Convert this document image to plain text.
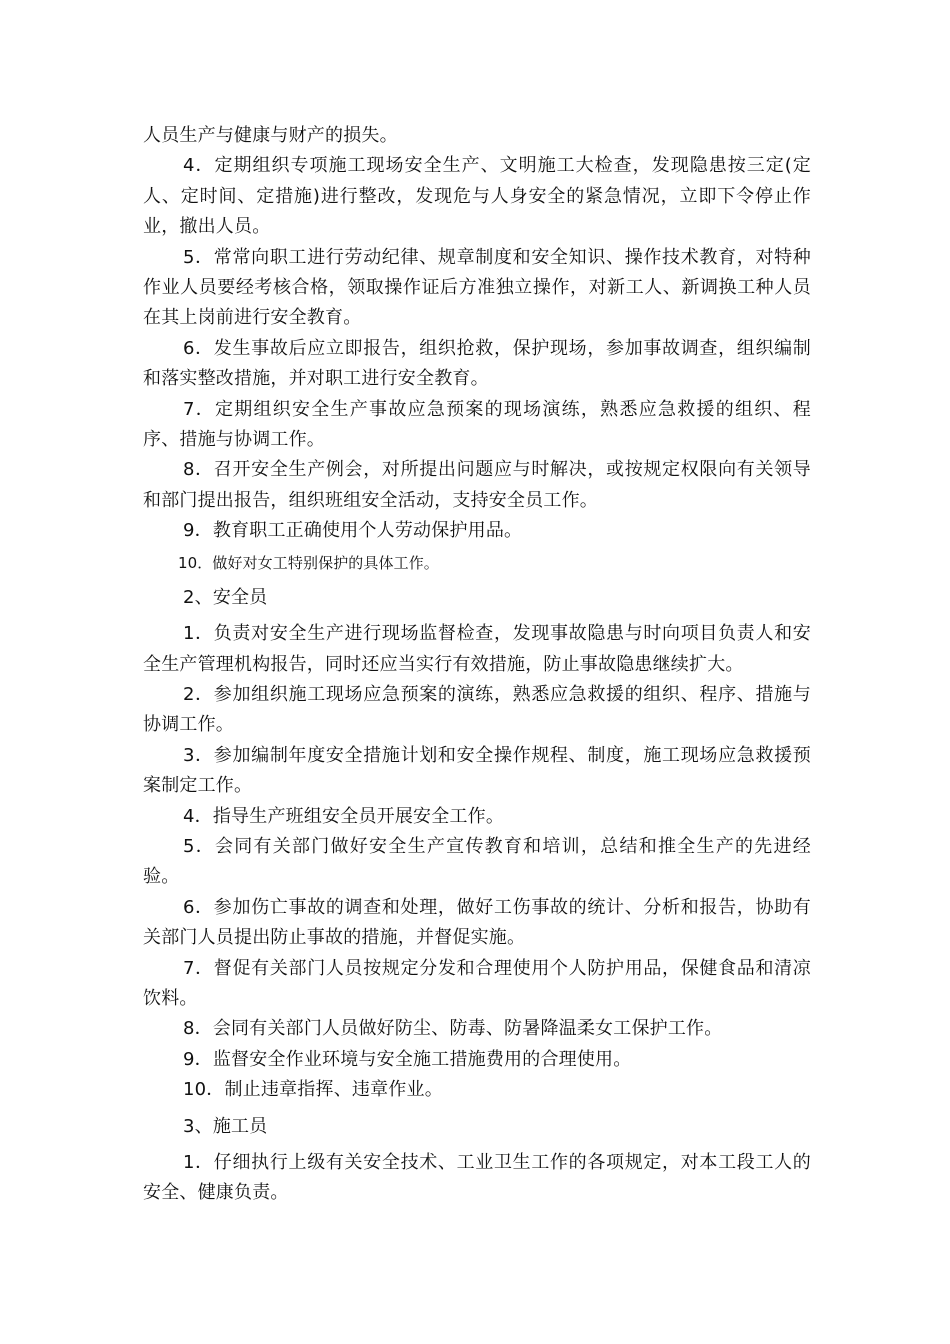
人员生产与健康与财产的损失。

4．定期组织专项施工现场安全生产、文明施工大检查，发现隐患按三定(定人、定时间、定措施)进行整改，发现危与人身安全的紧急情况，立即下令停止作业，撤出人员。

5．常常向职工进行劳动纪律、规章制度和安全知识、操作技术教育，对特种作业人员要经考核合格，领取操作证后方准独立操作，对新工人、新调换工种人员在其上岗前进行安全教育。

6．发生事故后应立即报告，组织抢救，保护现场，参加事故调查，组织编制和落实整改措施，并对职工进行安全教育。

7．定期组织安全生产事故应急预案的现场演练，熟悉应急救援的组织、程序、措施与协调工作。

8．召开安全生产例会，对所提出问题应与时解决，或按规定权限向有关领导和部门提出报告，组织班组安全活动，支持安全员工作。

9．教育职工正确使用个人劳动保护用品。

10．做好对女工特别保护的具体工作。

2、安全员

1．负责对安全生产进行现场监督检查，发现事故隐患与时向项目负责人和安全生产管理机构报告，同时还应当实行有效措施，防止事故隐患继续扩大。

2．参加组织施工现场应急预案的演练，熟悉应急救援的组织、程序、措施与协调工作。

3．参加编制年度安全措施计划和安全操作规程、制度，施工现场应急救援预案制定工作。

4．指导生产班组安全员开展安全工作。

5．会同有关部门做好安全生产宣传教育和培训，总结和推全生产的先进经验。

6．参加伤亡事故的调查和处理，做好工伤事故的统计、分析和报告，协助有关部门人员提出防止事故的措施，并督促实施。

7．督促有关部门人员按规定分发和合理使用个人防护用品，保健食品和清凉饮料。

8．会同有关部门人员做好防尘、防毒、防暑降温柔女工保护工作。

9．监督安全作业环境与安全施工措施费用的合理使用。

10．制止违章指挥、违章作业。

3、施工员

1．仔细执行上级有关安全技术、工业卫生工作的各项规定，对本工段工人的安全、健康负责。
